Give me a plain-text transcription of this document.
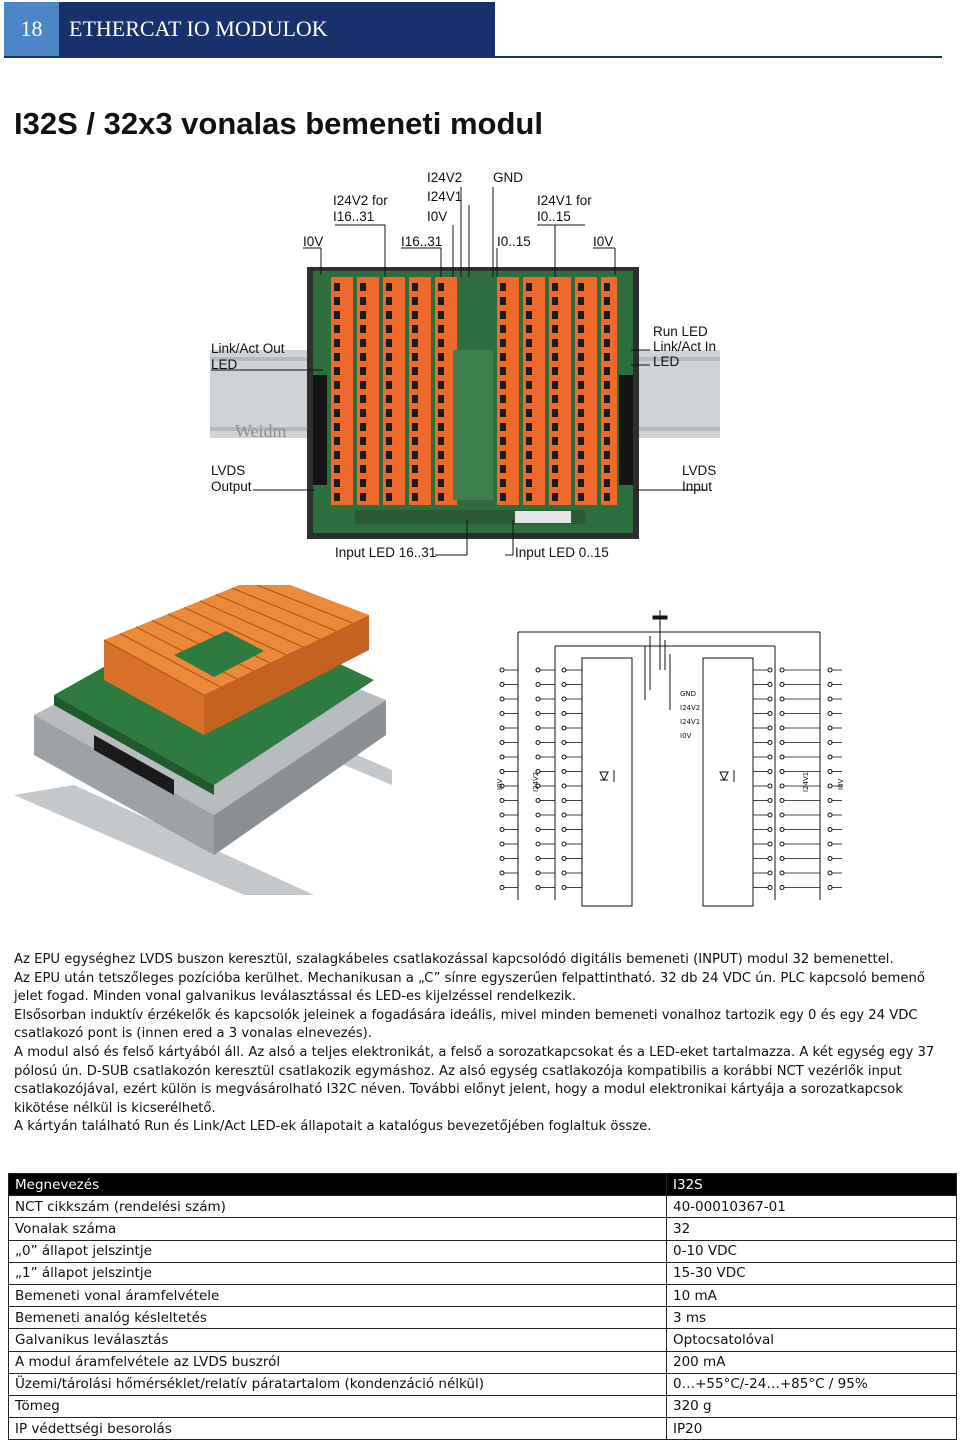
18	ETHERCAT IO MODULOK
I32S / 32x3 vonalas bemeneti modul
Weidm
I0V
I24V2 for
I16..31
I16..31
I24V2
I24V1
I0V
GND
I0..15
I24V1 for
I0..15
I0V
Link/Act Out
LED
Run LED
Link/Act In
LED
LVDS
Output
LVDS
Input
Input LED 16..31	Input LED 0..15
GND
I24V2
I24V1
I0V
I0V	I24V2	I24V1	I0V

Az EPU egységhez LVDS buszon keresztül, szalagkábeles csatlakozással kapcsolódó digitális bemeneti (INPUT) modul 32 bemenettel.

Az EPU után tetszőleges pozícióba kerülhet. Mechanikusan a „C” sínre egyszerűen felpattintható. 32 db 24 VDC ún. PLC kapcsoló bemenő jelet fogad. Minden vonal galvanikus leválasztással és LED-es kijelzéssel rendelkezik.

Elsősorban induktív érzékelők és kapcsolók jeleinek a fogadására ideális, mivel minden bemeneti vonalhoz tartozik egy 0 és egy 24 VDC csatlakozó pont is (innen ered a 3 vonalas elnevezés).

A modul alsó és felső kártyából áll. Az alsó a teljes elektronikát, a felső a sorozatkapcsokat és a LED-eket tartalmazza. A két egység egy 37 pólosú ún. D-SUB csatlakozón keresztül csatlakozik egymáshoz. Az alsó egység csatlakozója kompatibilis a korábbi NCT vezérlők input csatlakozójával, ezért külön is megvásárolható I32C néven. További előnyt jelent, hogy a modul elektronikai kártyája a sorozatkapcsok kikötése nélkül is kicserélhető.

A kártyán található Run és Link/Act LED-ek állapotait a katalógus bevezetőjében foglaltuk össze.

Megnevezés	I32S
NCT cikkszám (rendelési szám)	40-00010367-01
Vonalak száma	32
„0” állapot jelszintje	0-10 VDC
„1” állapot jelszintje	15-30 VDC
Bemeneti vonal áramfelvétele	10 mA
Bemeneti analóg késleltetés	3 ms
Galvanikus leválasztás	Optocsatolóval
A modul áramfelvétele az LVDS buszról	200 mA
Üzemi/tárolási hőmérséklet/relatív páratartalom (kondenzáció nélkül)	0…+55°C/-24…+85°C / 95%
Tömeg	320 g
IP védettségi besorolás	IP20
